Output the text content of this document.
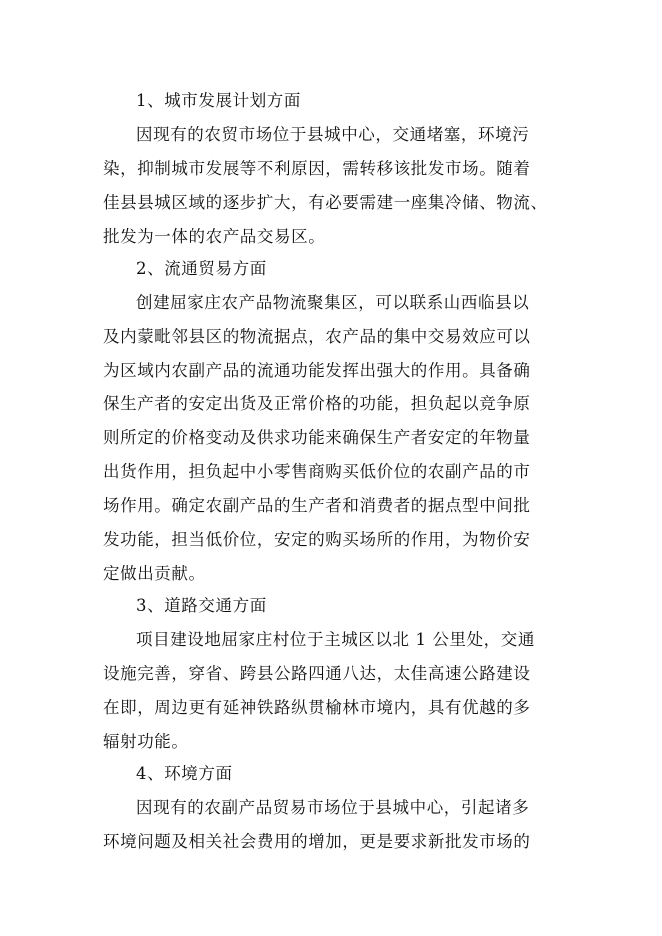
1、城市发展计划方面
因现有的农贸市场位于县城中心，交通堵塞，环境污
染，抑制城市发展等不利原因，需转移该批发市场。随着
佳县县城区域的逐步扩大，有必要需建一座集冷储、物流、
批发为一体的农产品交易区。
2、流通贸易方面
创建屈家庄农产品物流聚集区，可以联系山西临县以
及内蒙毗邻县区的物流据点，农产品的集中交易效应可以
为区域内农副产品的流通功能发挥出强大的作用。具备确
保生产者的安定出货及正常价格的功能，担负起以竞争原
则所定的价格变动及供求功能来确保生产者安定的年物量
出货作用，担负起中小零售商购买低价位的农副产品的市
场作用。确定农副产品的生产者和消费者的据点型中间批
发功能，担当低价位，安定的购买场所的作用，为物价安
定做出贡献。
3、道路交通方面
项目建设地屈家庄村位于主城区以北 1 公里处，交通
设施完善，穿省、跨县公路四通八达，太佳高速公路建设
在即，周边更有延神铁路纵贯榆林市境内，具有优越的多
辐射功能。
4、环境方面
因现有的农副产品贸易市场位于县城中心，引起诸多
环境问题及相关社会费用的增加，更是要求新批发市场的
